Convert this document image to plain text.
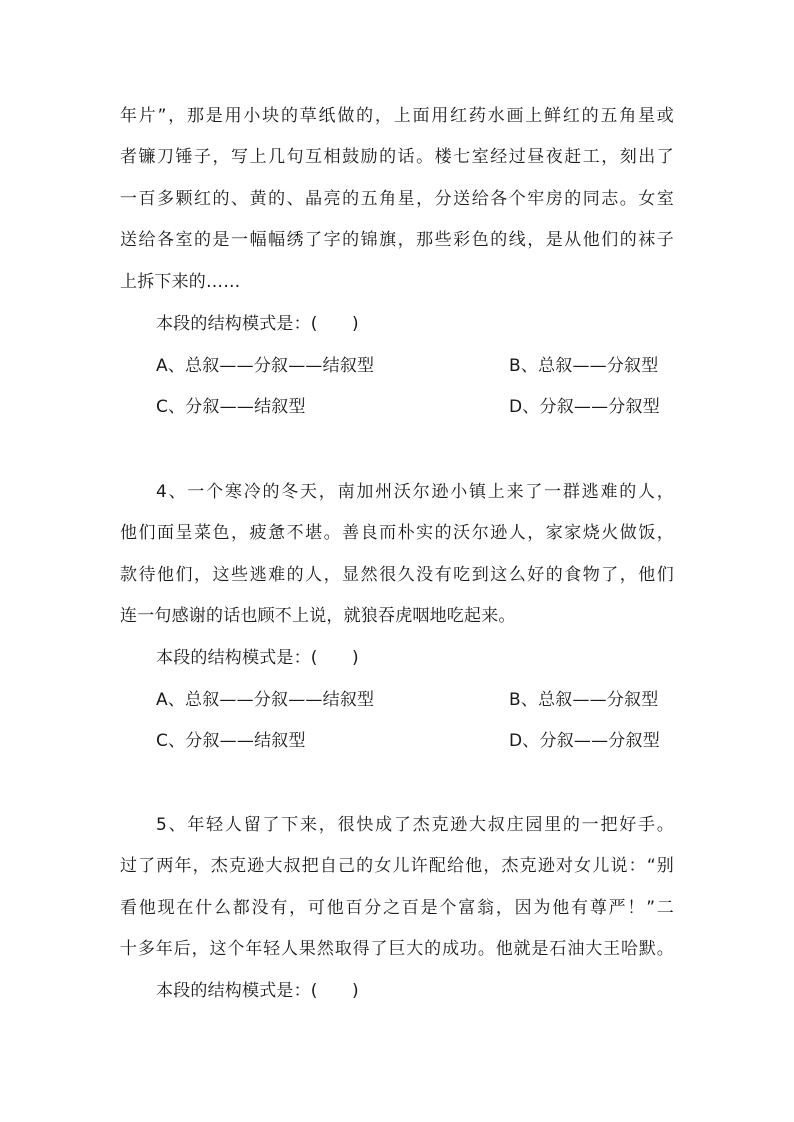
年片”，那是用小块的草纸做的，上面用红药水画上鲜红的五角星或
者镰刀锤子，写上几句互相鼓励的话。楼七室经过昼夜赶工，刻出了
一百多颗红的、黄的、晶亮的五角星，分送给各个牢房的同志。女室
送给各室的是一幅幅绣了字的锦旗，那些彩色的线，是从他们的袜子
上拆下来的……
本段的结构模式是：(　　)
A、总叙——分叙——结叙型	B、总叙——分叙型
C、分叙——结叙型	D、分叙——分叙型
4、一个寒冷的冬天，南加州沃尔逊小镇上来了一群逃难的人，
他们面呈菜色，疲惫不堪。善良而朴实的沃尔逊人，家家烧火做饭，
款待他们，这些逃难的人，显然很久没有吃到这么好的食物了，他们
连一句感谢的话也顾不上说，就狼吞虎咽地吃起来。
本段的结构模式是：(　　)
A、总叙——分叙——结叙型	B、总叙——分叙型
C、分叙——结叙型	D、分叙——分叙型
5、年轻人留了下来，很快成了杰克逊大叔庄园里的一把好手。
过了两年，杰克逊大叔把自己的女儿许配给他，杰克逊对女儿说：“别
看他现在什么都没有，可他百分之百是个富翁，因为他有尊严！”二
十多年后，这个年轻人果然取得了巨大的成功。他就是石油大王哈默。
本段的结构模式是：(　　)
